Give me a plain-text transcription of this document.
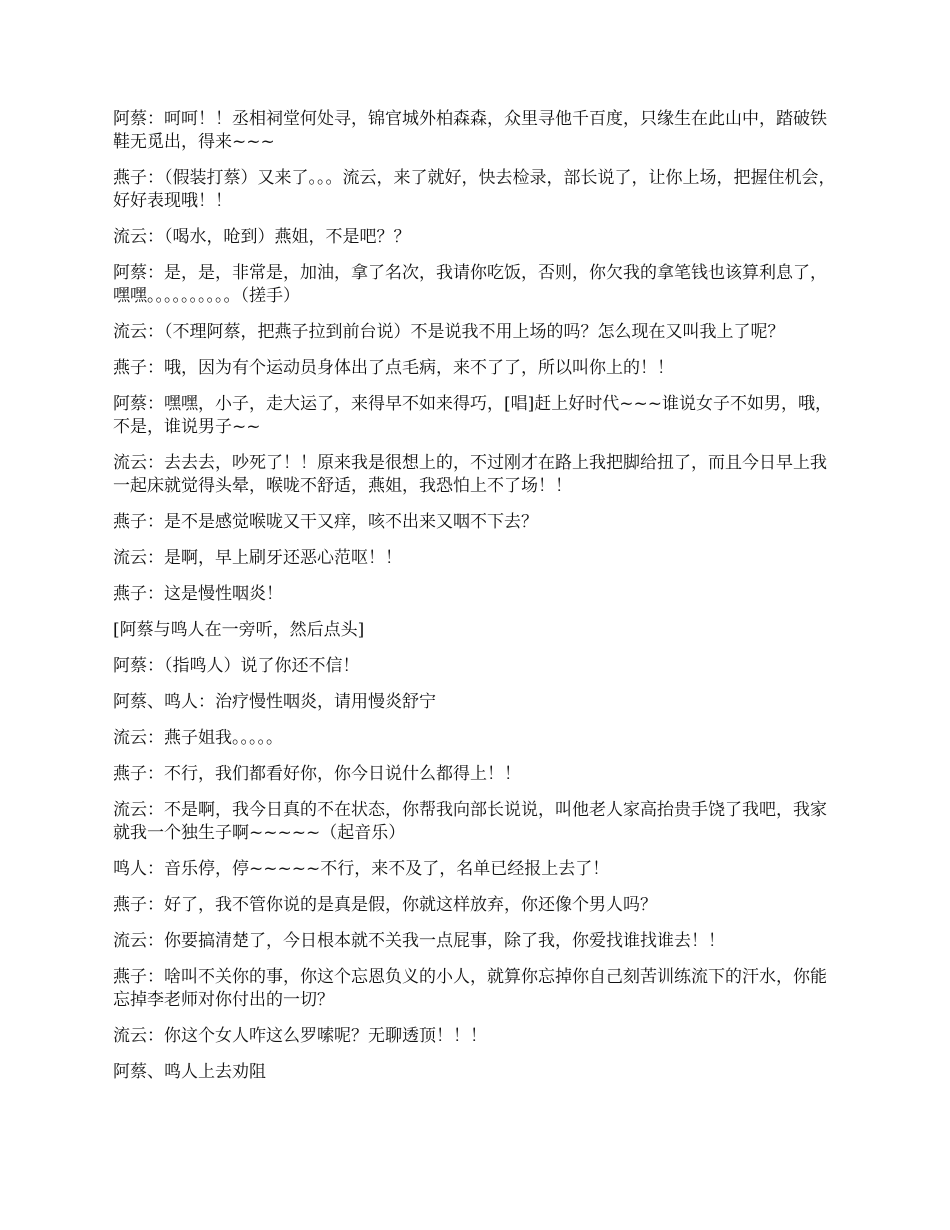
阿蔡：呵呵！！丞相祠堂何处寻，锦官城外柏森森，众里寻他千百度，只缘生在此山中，踏破铁鞋无觅出，得来~~~

燕子：（假装打蔡）又来了。。。流云，来了就好，快去检录，部长说了，让你上场，把握住机会，好好表现哦！！

流云：（喝水，呛到）燕姐，不是吧？？

阿蔡：是，是，非常是，加油，拿了名次，我请你吃饭，否则，你欠我的拿笔钱也该算利息了，嘿嘿。。。。。。。。。。（搓手）

流云：（不理阿蔡，把燕子拉到前台说）不是说我不用上场的吗？怎么现在又叫我上了呢？

燕子：哦，因为有个运动员身体出了点毛病，来不了了，所以叫你上的！！

阿蔡：嘿嘿，小子，走大运了，来得早不如来得巧，[唱]赶上好时代~~~谁说女子不如男，哦，不是，谁说男子~~

流云：去去去，吵死了！！原来我是很想上的，不过刚才在路上我把脚给扭了，而且今日早上我一起床就觉得头晕，喉咙不舒适，燕姐，我恐怕上不了场！！

燕子：是不是感觉喉咙又干又痒，咳不出来又咽不下去？

流云：是啊，早上刷牙还恶心范呕！！

燕子：这是慢性咽炎！

[阿蔡与鸣人在一旁听，然后点头]

阿蔡：（指鸣人）说了你还不信！

阿蔡、鸣人：治疗慢性咽炎，请用慢炎舒宁

流云：燕子姐我。。。。。

燕子：不行，我们都看好你，你今日说什么都得上！！

流云：不是啊，我今日真的不在状态，你帮我向部长说说，叫他老人家高抬贵手饶了我吧，我家就我一个独生子啊~~~~~（起音乐）

鸣人：音乐停，停~~~~~不行，来不及了，名单已经报上去了！

燕子：好了，我不管你说的是真是假，你就这样放弃，你还像个男人吗？

流云：你要搞清楚了，今日根本就不关我一点屁事，除了我，你爱找谁找谁去！！

燕子：啥叫不关你的事，你这个忘恩负义的小人，就算你忘掉你自己刻苦训练流下的汗水，你能忘掉李老师对你付出的一切？

流云：你这个女人咋这么罗嗦呢？无聊透顶！！！

阿蔡、鸣人上去劝阻
